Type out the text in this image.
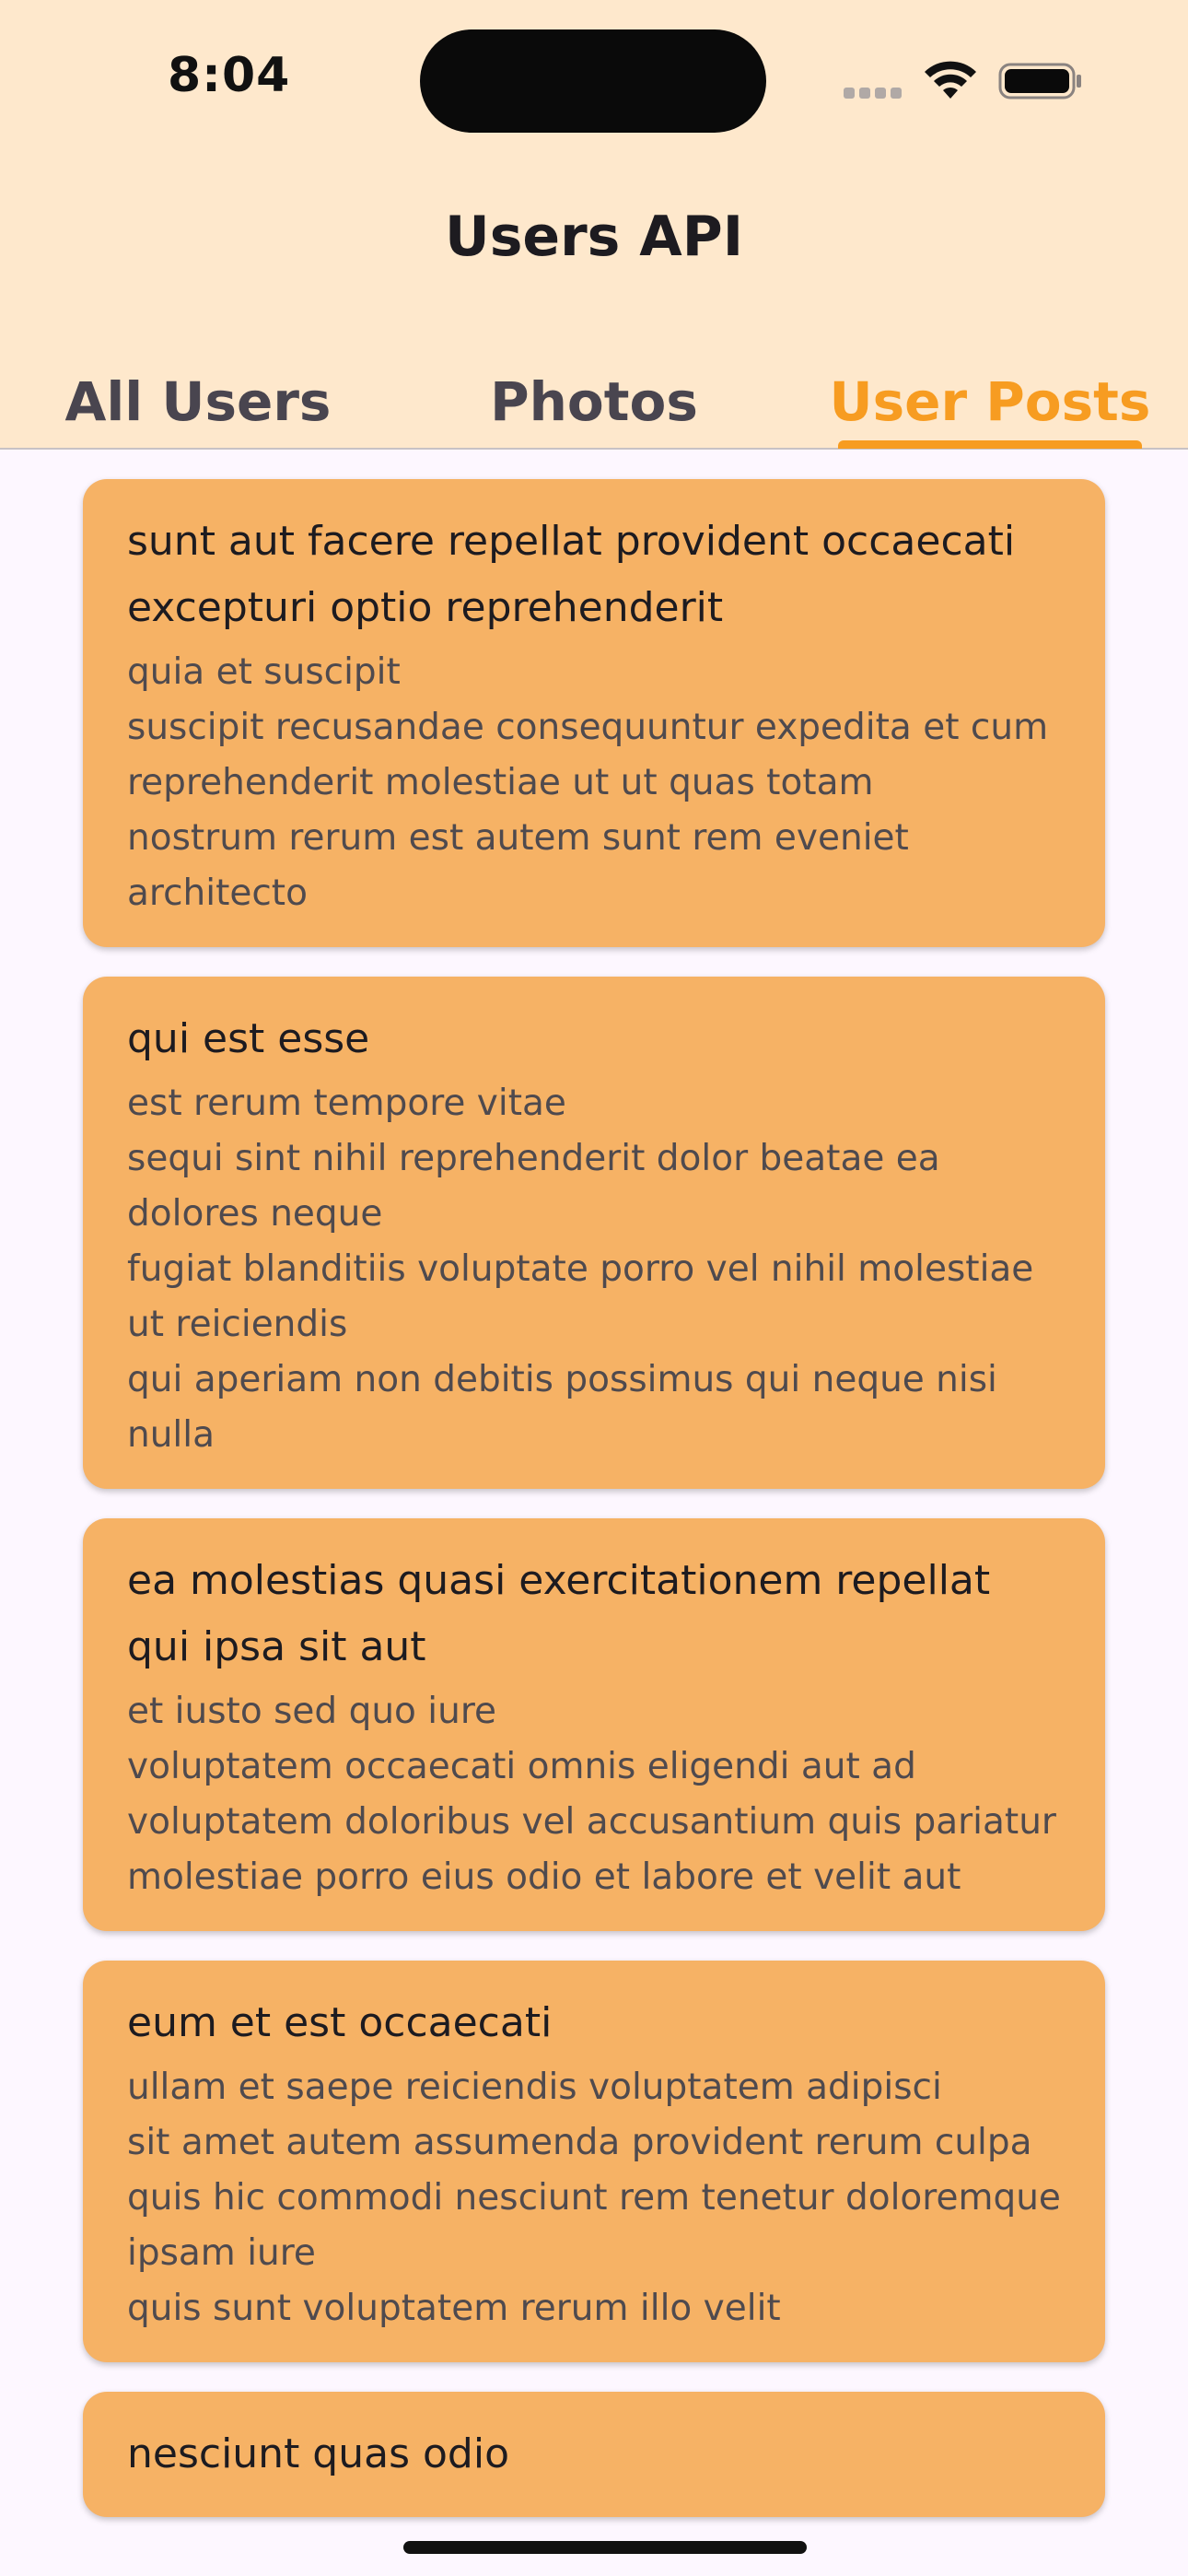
8:04
Users API
All Users	Photos	User Posts

sunt aut facere repellat provident occaecati excepturi optio reprehenderit

quia et suscipit
suscipit recusandae consequuntur expedita et cum
reprehenderit molestiae ut ut quas totam
nostrum rerum est autem sunt rem eveniet architecto

qui est esse

est rerum tempore vitae
sequi sint nihil reprehenderit dolor beatae ea dolores neque
fugiat blanditiis voluptate porro vel nihil molestiae ut reiciendis
qui aperiam non debitis possimus qui neque nisi nulla

ea molestias quasi exercitationem repellat qui ipsa sit aut

et iusto sed quo iure
voluptatem occaecati omnis eligendi aut ad
voluptatem doloribus vel accusantium quis pariatur
molestiae porro eius odio et labore et velit aut

eum et est occaecati

ullam et saepe reiciendis voluptatem adipisci
sit amet autem assumenda provident rerum culpa
quis hic commodi nesciunt rem tenetur doloremque ipsam iure
quis sunt voluptatem rerum illo velit

nesciunt quas odio
